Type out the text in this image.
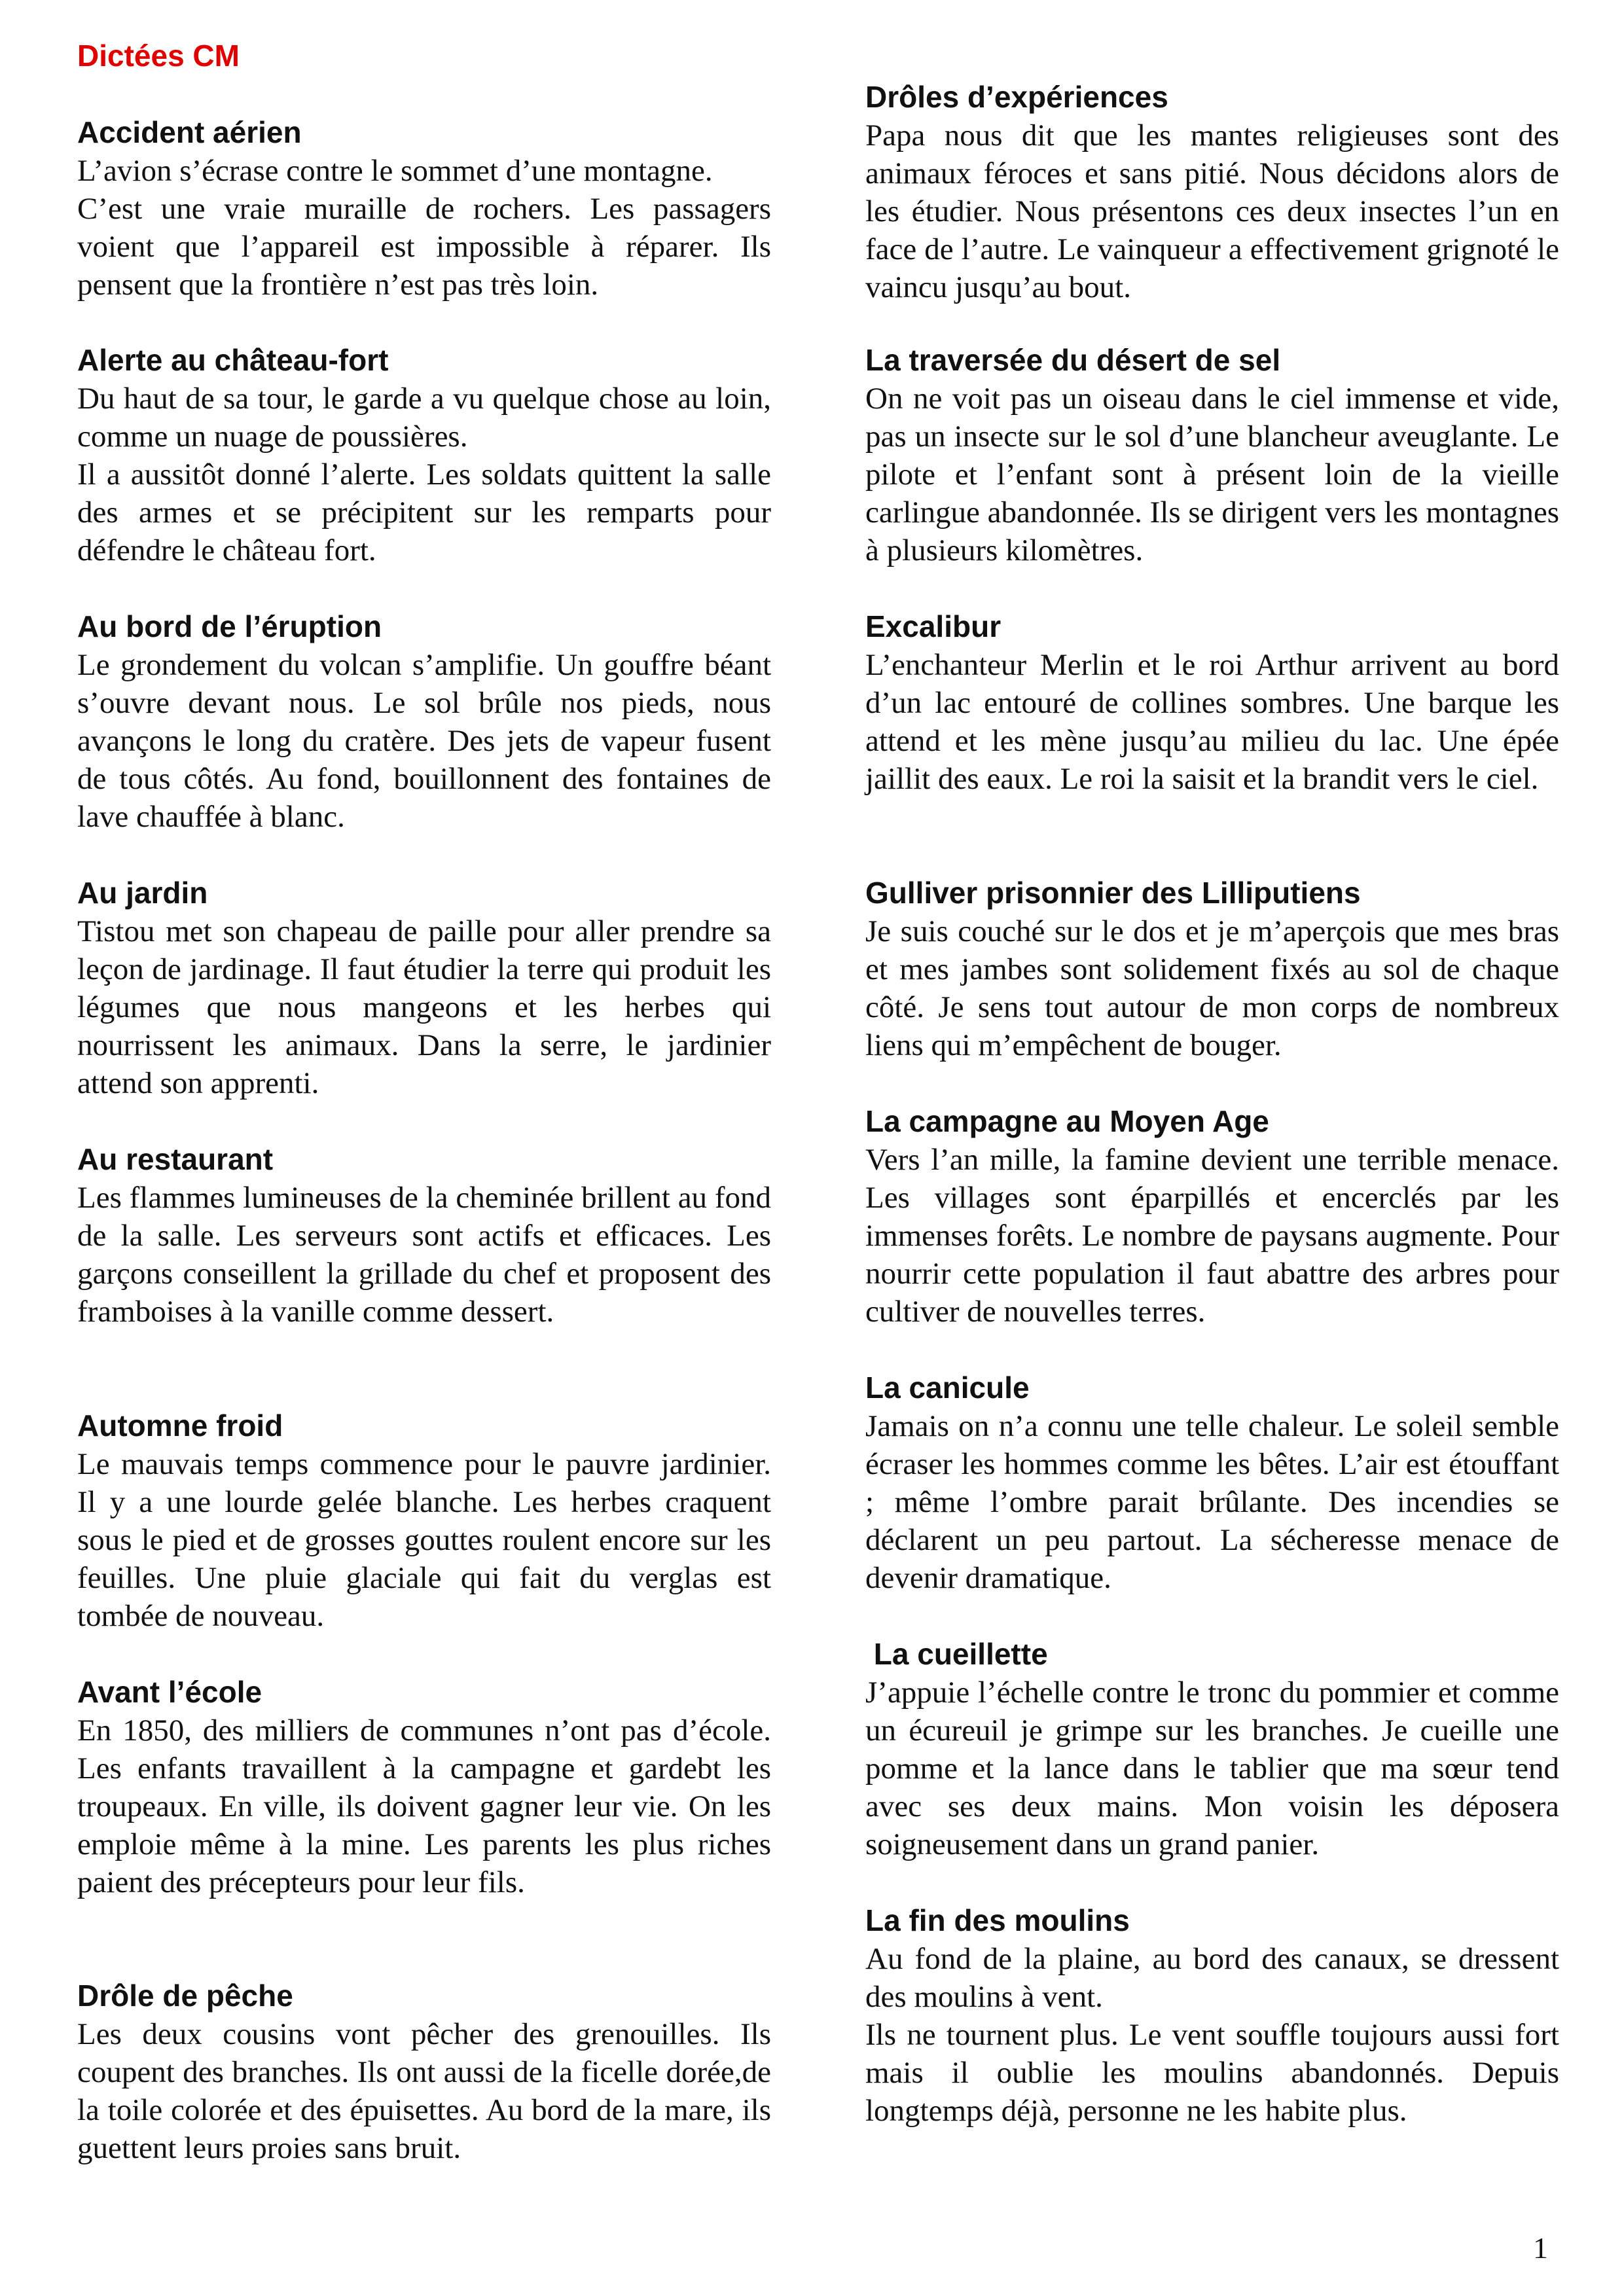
Dictées CM
Accident aérien

L’avion s’écrase contre le sommet d’une montagne.
C’est une vraie muraille de rochers. Les passagers voient que l’appareil est impossible à réparer. Ils pensent que la frontière n’est pas très loin.

Alerte au château-fort

Du haut de sa tour, le garde a vu quelque chose au loin, comme un nuage de poussières.
Il a aussitôt donné l’alerte. Les soldats quittent la salle des armes et se précipitent sur les remparts pour défendre le château fort.

Au bord de l’éruption

Le grondement du volcan s’amplifie. Un gouffre béant s’ouvre devant nous. Le sol brûle nos pieds, nous avançons le long du cratère. Des jets de vapeur fusent de tous côtés. Au fond, bouillonnent des fontaines de lave chauffée à blanc.

Au jardin

Tistou met son chapeau de paille pour aller prendre sa leçon de jardinage. Il faut étudier la terre qui produit les légumes que nous mangeons et les herbes qui nourrissent les animaux. Dans la serre, le jardinier attend son apprenti.

Au restaurant

Les flammes lumineuses de la cheminée brillent au fond de la salle. Les serveurs sont actifs et efficaces. Les garçons conseillent la grillade du chef et proposent des framboises à la vanille comme dessert.

Automne froid

Le mauvais temps commence pour le pauvre jardinier. Il y a une lourde gelée blanche. Les herbes craquent sous le pied et de grosses gouttes roulent encore sur les feuilles. Une pluie glaciale qui fait du verglas est tombée de nouveau.

Avant l’école

En 1850, des milliers de communes n’ont pas d’école. Les enfants travaillent à la campagne et gardebt les troupeaux. En ville, ils doivent gagner leur vie. On les emploie même à la mine. Les parents les plus riches paient des précepteurs pour leur fils.

Drôle de pêche

Les deux cousins vont pêcher des grenouilles. Ils coupent des branches. Ils ont aussi de la ficelle dorée,de la toile colorée et des épuisettes. Au bord de la mare, ils guettent leurs proies sans bruit.

Drôles d’expériences

Papa nous dit que les mantes religieuses sont des animaux féroces et sans pitié. Nous décidons alors de les étudier. Nous présentons ces deux insectes l’un en face de l’autre. Le vainqueur a effectivement grignoté le vaincu jusqu’au bout.

La traversée du désert de sel

On ne voit pas un oiseau dans le ciel immense et vide, pas un insecte sur le sol d’une blancheur aveuglante. Le pilote et l’enfant sont à présent loin de la vieille carlingue abandonnée. Ils se dirigent vers les montagnes à plusieurs kilomètres.

Excalibur

L’enchanteur Merlin et le roi Arthur arrivent au bord d’un lac entouré de collines sombres. Une barque les attend et les mène jusqu’au milieu du lac. Une épée jaillit des eaux. Le roi la saisit et la brandit vers le ciel.

Gulliver prisonnier des Lilliputiens

Je suis couché sur le dos et je m’aperçois que mes bras et mes jambes sont solidement fixés au sol de chaque côté. Je sens tout autour de mon corps de nombreux liens qui m’empêchent de bouger.

La campagne au Moyen Age

Vers l’an mille, la famine devient une terrible menace. Les villages sont éparpillés et encerclés par les immenses forêts. Le nombre de paysans augmente. Pour nourrir cette population il faut abattre des arbres pour cultiver de nouvelles terres.

La canicule

Jamais on n’a connu une telle chaleur. Le soleil semble écraser les hommes comme les bêtes. L’air est étouffant ; même l’ombre parait brûlante. Des incendies se déclarent un peu partout. La sécheresse menace de devenir dramatique.

La cueillette

J’appuie l’échelle contre le tronc du pommier et comme un écureuil je grimpe sur les branches. Je cueille une pomme et la lance dans le tablier que ma sœur tend avec ses deux mains. Mon voisin les déposera soigneusement dans un grand panier.

La fin des moulins

Au fond de la plaine, au bord des canaux, se dressent des moulins à vent.
Ils ne tournent plus. Le vent souffle toujours aussi fort mais il oublie les moulins abandonnés. Depuis longtemps déjà, personne ne les habite plus.

1
